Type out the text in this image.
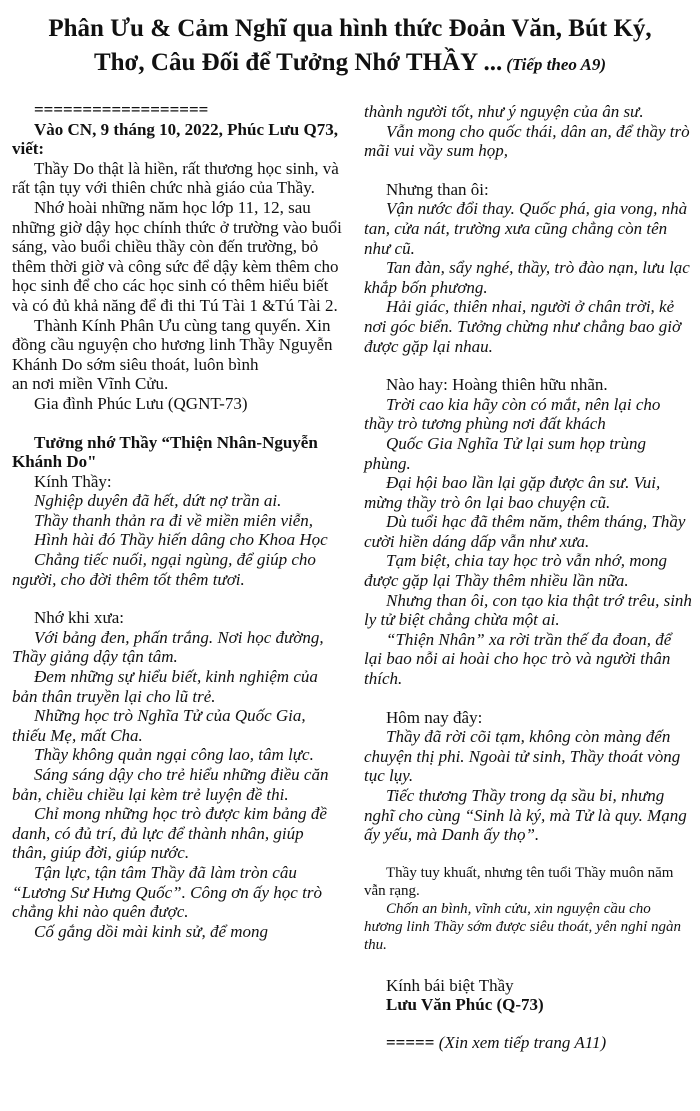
Phân Ưu & Cảm Nghĩ qua hình thức Đoản Văn, Bút Ký,
Thơ, Câu Đối để Tưởng Nhớ THẦY ... (Tiếp theo A9)

==================

Vào CN, 9 tháng 10, 2022, Phúc Lưu Q73, viết:

Thầy Do thật là hiền, rất thương học sinh, và rất tận tụy với thiên chức nhà giáo của Thầy.

Nhớ hoài những năm học lớp 11, 12, sau những giờ dậy học chính thức ở trường vào buổi sáng, vào buổi chiều thầy còn đến trường, bỏ thêm thời giờ và công sức để dậy kèm thêm cho học sinh để cho các học sinh có thêm hiểu biết và có đủ khả năng để đi thi Tú Tài 1 &Tú Tài 2.

Thành Kính Phân Ưu cùng tang quyến. Xin đồng cầu nguyện cho hương linh Thầy Nguyễn Khánh Do sớm siêu thoát, luôn bình

an nơi miền Vĩnh Cửu.

Gia đình Phúc Lưu (QGNT-73)

Tưởng nhớ Thầy “Thiện Nhân-Nguyễn Khánh Do"

Kính Thầy:

Nghiệp duyên đã hết, dứt nợ trần ai.

Thầy thanh thản ra đi về miền miên viễn,

Hình hài đó Thầy hiến dâng cho Khoa Học

Chẳng tiếc nuối, ngại ngùng, để giúp cho người, cho đời thêm tốt thêm tươi.

Nhớ khi xưa:

Với bảng đen, phấn trắng. Nơi học đường, Thầy giảng dậy tận tâm.

Đem những sự hiểu biết, kinh nghiệm của bản thân truyền lại cho lũ trẻ.

Những học trò Nghĩa Tử của Quốc Gia, thiếu Mẹ, mất Cha.

Thầy không quản ngại công lao, tâm lực.

Sáng sáng dậy cho trẻ hiểu những điều căn bản, chiều chiều lại kèm trẻ luyện đề thi.

Chỉ mong những học trò được kim bảng đề danh, có đủ trí, đủ lực để thành nhân, giúp thân, giúp đời, giúp nước.

Tận lực, tận tâm Thầy đã làm tròn câu “Lương Sư Hưng Quốc”. Công ơn ấy học trò chẳng khi nào quên được.

Cố gắng dồi mài kinh sử, để mong

thành người tốt, như ý nguyện của ân sư.

Vẫn mong cho quốc thái, dân an, để thầy trò mãi vui vầy sum họp,

Nhưng than ôi:

Vận nước đổi thay. Quốc phá, gia vong, nhà tan, cửa nát, trường xưa cũng chẳng còn tên như cũ.

Tan đàn, sẩy nghé, thầy, trò đào nạn, lưu lạc khắp bốn phương.

Hải giác, thiên nhai, người ở chân trời, kẻ nơi góc biển. Tưởng chừng như chẳng bao giờ được gặp lại nhau.

Nào hay: Hoàng thiên hữu nhãn.

Trời cao kia hãy còn có mắt, nên lại cho thầy trò tương phùng nơi đất khách

Quốc Gia Nghĩa Tử lại sum họp trùng phùng.

Đại hội bao lần lại gặp được ân sư. Vui, mừng thầy trò ôn lại bao chuyện cũ.

Dù tuổi hạc đã thêm năm, thêm tháng, Thầy cười hiền dáng dấp vẫn như xưa.

Tạm biệt, chia tay học trò vẫn nhớ, mong được gặp lại Thầy thêm nhiều lần nữa.

Nhưng than ôi, con tạo kia thật trớ trêu, sinh ly tử biệt chẳng chừa một ai.

“Thiện Nhân” xa rời trần thế đa đoan, để lại bao nỗi ai hoài cho học trò và người thân thích.

Hôm nay đây:

Thầy đã rời cõi tạm, không còn màng đến chuyện thị phi. Ngoài tử sinh, Thầy thoát vòng tục lụy.

Tiếc thương Thầy trong dạ sầu bi, nhưng nghĩ cho cùng “Sinh là ký, mà Tử là quy. Mạng ấy yếu, mà Danh ấy thọ”.

Thầy tuy khuất, nhưng tên tuổi Thầy muôn năm vẫn rạng.

Chốn an bình, vĩnh cửu, xin nguyện cầu cho hương linh Thầy sớm được siêu thoát, yên nghỉ ngàn thu.

Kính bái biệt Thầy

Lưu Văn Phúc (Q-73)

===== (Xin xem tiếp trang A11)
